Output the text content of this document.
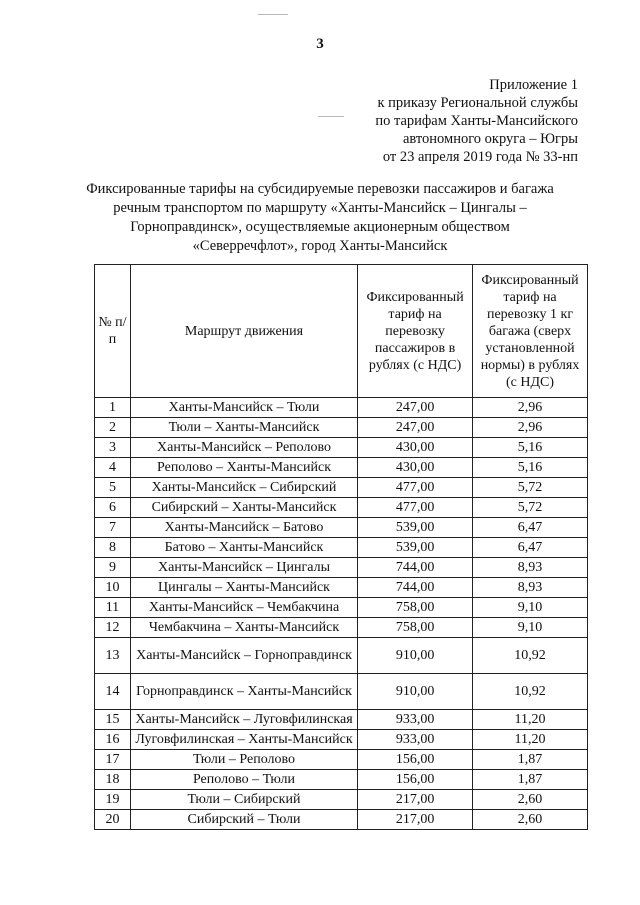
3
Приложение 1
к приказу Региональной службы
по тарифам Ханты-Мансийского
автономного округа – Югры
от 23 апреля 2019 года № 33-нп
Фиксированные тарифы на субсидируемые перевозки пассажиров и багажа
речным транспортом по маршруту «Ханты-Мансийск – Цингалы –
Горноправдинск», осуществляемые акционерным обществом
«Северречфлот», город Ханты-Мансийск
№ п/п	Маршрут движения	Фиксированный тариф на перевозку пассажиров в рублях (с НДС)	Фиксированный тариф на перевозку 1 кг багажа (сверх установленной нормы) в рублях (с НДС)
1	Ханты-Мансийск – Тюли	247,00	2,96
2	Тюли – Ханты-Мансийск	247,00	2,96
3	Ханты-Мансийск – Реполово	430,00	5,16
4	Реполово – Ханты-Мансийск	430,00	5,16
5	Ханты-Мансийск – Сибирский	477,00	5,72
6	Сибирский – Ханты-Мансийск	477,00	5,72
7	Ханты-Мансийск – Батово	539,00	6,47
8	Батово – Ханты-Мансийск	539,00	6,47
9	Ханты-Мансийск – Цингалы	744,00	8,93
10	Цингалы – Ханты-Мансийск	744,00	8,93
11	Ханты-Мансийск – Чембакчина	758,00	9,10
12	Чембакчина – Ханты-Мансийск	758,00	9,10
13	Ханты-Мансийск – Горноправдинск	910,00	10,92
14	Горноправдинск – Ханты-Мансийск	910,00	10,92
15	Ханты-Мансийск – Луговфилинская	933,00	11,20
16	Луговфилинская – Ханты-Мансийск	933,00	11,20
17	Тюли – Реполово	156,00	1,87
18	Реполово – Тюли	156,00	1,87
19	Тюли – Сибирский	217,00	2,60
20	Сибирский – Тюли	217,00	2,60
